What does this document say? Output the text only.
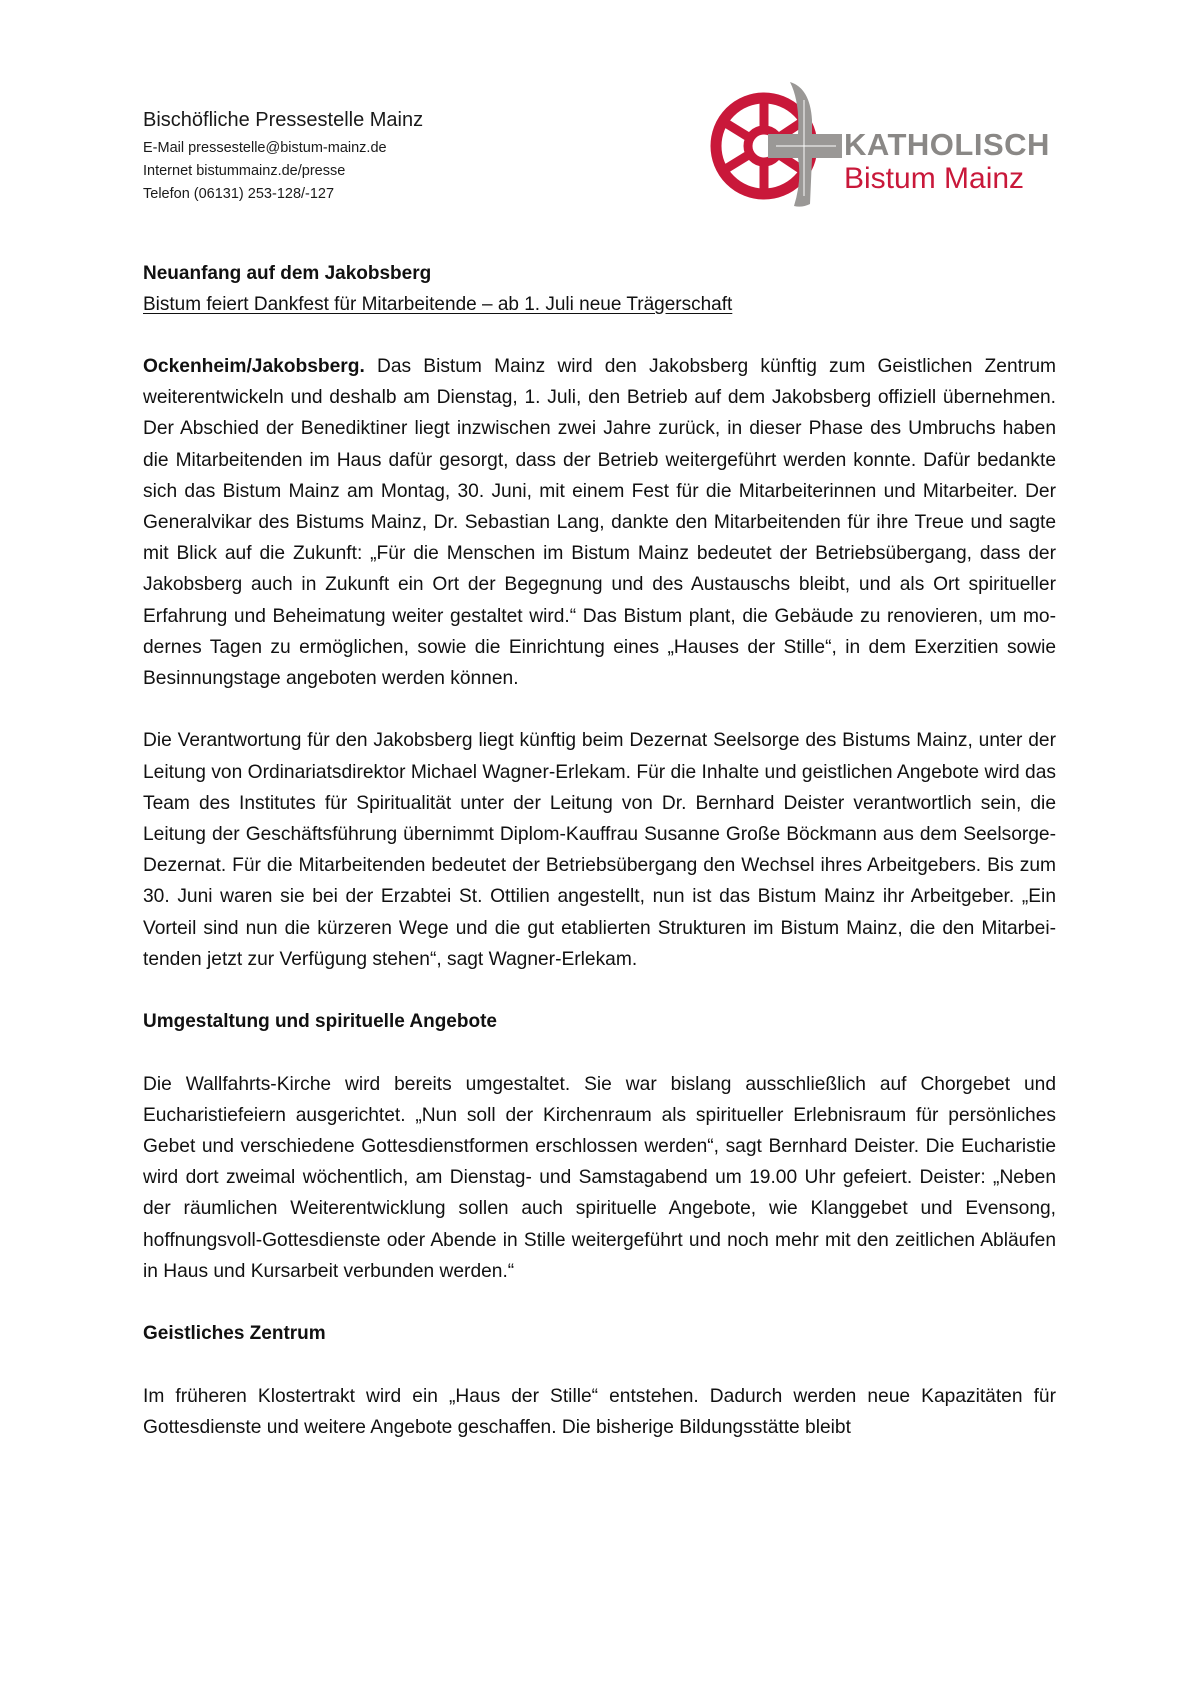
Bischöfliche Pressestelle Mainz
E-Mail pressestelle@bistum-mainz.de
Internet bistummainz.de/presse
Telefon (06131) 253-128/-127
KATHOLISCH
Bistum Mainz

Neuanfang auf dem Jakobsberg

Bistum feiert Dankfest für Mitarbeitende – ab 1. Juli neue Trägerschaft

Ockenheim/Jakobsberg. Das Bistum Mainz wird den Jakobsberg künftig zum Geistlichen Zentrum weiterentwickeln und deshalb am Dienstag, 1. Juli, den Betrieb auf dem Jakobsberg offiziell übernehmen. Der Abschied der Benediktiner liegt inzwischen zwei Jahre zurück, in dieser Phase des Umbruchs haben die Mitarbeitenden im Haus dafür gesorgt, dass der Betrieb weitergeführt werden konnte. Dafür bedankte sich das Bistum Mainz am Montag, 30. Juni, mit einem Fest für die Mitarbeiterinnen und Mitarbeiter. Der Generalvikar des Bistums Mainz, Dr. Sebastian Lang, dankte den Mitarbeitenden für ihre Treue und sagte mit Blick auf die Zukunft: „Für die Menschen im Bistum Mainz bedeutet der Betriebsübergang, dass der Jakobsberg auch in Zukunft ein Ort der Begegnung und des Austauschs bleibt, und als Ort spiritueller Erfahrung und Beheimatung weiter gestaltet wird.“ Das Bistum plant, die Gebäude zu renovieren, um modernes Tagen zu ermöglichen, sowie die Einrichtung eines „Hauses der Stille“, in dem Exerzitien sowie Besinnungstage angeboten werden können.

Die Verantwortung für den Jakobsberg liegt künftig beim Dezernat Seelsorge des Bistums Mainz, unter der Leitung von Ordinariatsdirektor Michael Wagner-Erlekam. Für die Inhalte und geistlichen Angebote wird das Team des Institutes für Spiritualität unter der Leitung von Dr. Bernhard Deister verantwortlich sein, die Leitung der Geschäftsführung übernimmt Diplom-Kauffrau Susanne Große Böckmann aus dem Seelsorge-Dezernat. Für die Mitarbeitenden bedeutet der Betriebsübergang den Wechsel ihres Arbeitgebers. Bis zum 30. Juni waren sie bei der Erzabtei St. Ottilien angestellt, nun ist das Bistum Mainz ihr Arbeitgeber. „Ein Vorteil sind nun die kürzeren Wege und die gut etablierten Strukturen im Bistum Mainz, die den Mitarbeitenden jetzt zur Verfügung stehen“, sagt Wagner-Erlekam.

Umgestaltung und spirituelle Angebote

Die Wallfahrts-Kirche wird bereits umgestaltet. Sie war bislang ausschließlich auf Chorgebet und Eucharistiefeiern ausgerichtet. „Nun soll der Kirchenraum als spiritueller Erlebnisraum für persönliches Gebet und verschiedene Gottesdienstformen erschlossen werden“, sagt Bernhard Deister. Die Eucharistie wird dort zweimal wöchentlich, am Dienstag- und Samstagabend um 19.00 Uhr gefeiert. Deister: „Neben der räumlichen Weiterentwicklung sollen auch spirituelle Angebote, wie Klanggebet und Evensong, hoffnungsvoll-Gottesdienste oder Abende in Stille weitergeführt und noch mehr mit den zeitlichen Abläufen in Haus und Kursarbeit verbunden werden.“

Geistliches Zentrum

Im früheren Klostertrakt wird ein „Haus der Stille“ entstehen. Dadurch werden neue Kapazitäten für Gottesdienste und weitere Angebote geschaffen. Die bisherige Bildungsstätte bleibt
